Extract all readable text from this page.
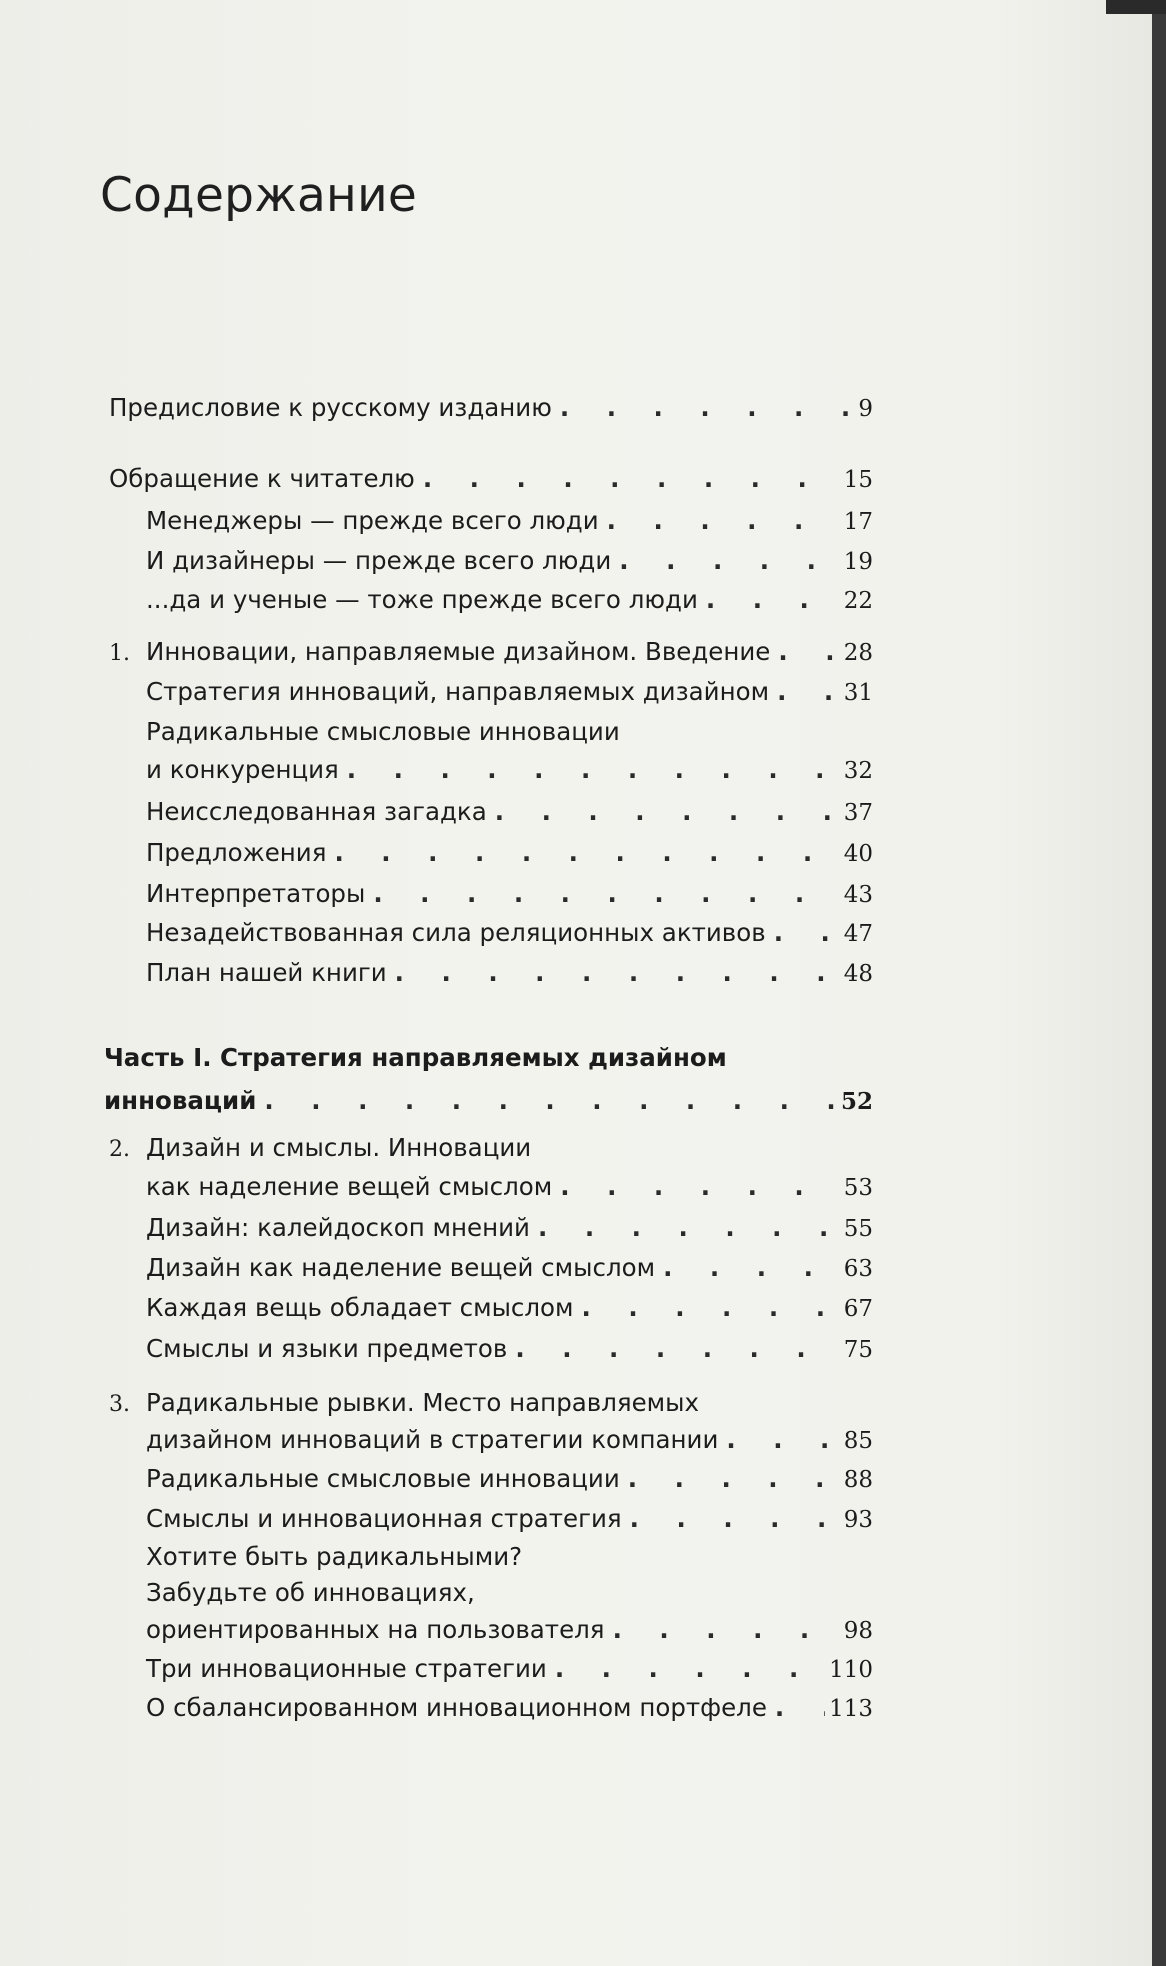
Содержание
Предисловие к русскому изданию . . .	9
Обращение к читателю . . .	15
Менеджеры — прежде всего люди . . .	17
И дизайнеры — прежде всего люди . . .	19
...да и ученые — тоже прежде всего люди . . .	22
1. Инновации, направляемые дизайном. Введение . . .	28
Стратегия инноваций, направляемых дизайном . . .	31
Радикальные смысловые инновации
и конкуренция . . .	32
Неисследованная загадка . . .	37
Предложения . . .	40
Интерпретаторы . . .	43
Незадействованная сила реляционных активов . . .	47
План нашей книги . . .	48
Часть I. Стратегия направляемых дизайном
инноваций . . .	52
2. Дизайн и смыслы. Инновации
как наделение вещей смыслом . . .	53
Дизайн: калейдоскоп мнений . . .	55
Дизайн как наделение вещей смыслом . . .	63
Каждая вещь обладает смыслом . . .	67
Смыслы и языки предметов . . .	75
3. Радикальные рывки. Место направляемых
дизайном инноваций в стратегии компании . . .	85
Радикальные смысловые инновации . . .	88
Смыслы и инновационная стратегия . . .	93
Хотите быть радикальными?
Забудьте об инновациях,
ориентированных на пользователя . . .	98
Три инновационные стратегии . . .	110
О сбалансированном инновационном портфеле . . .	113
